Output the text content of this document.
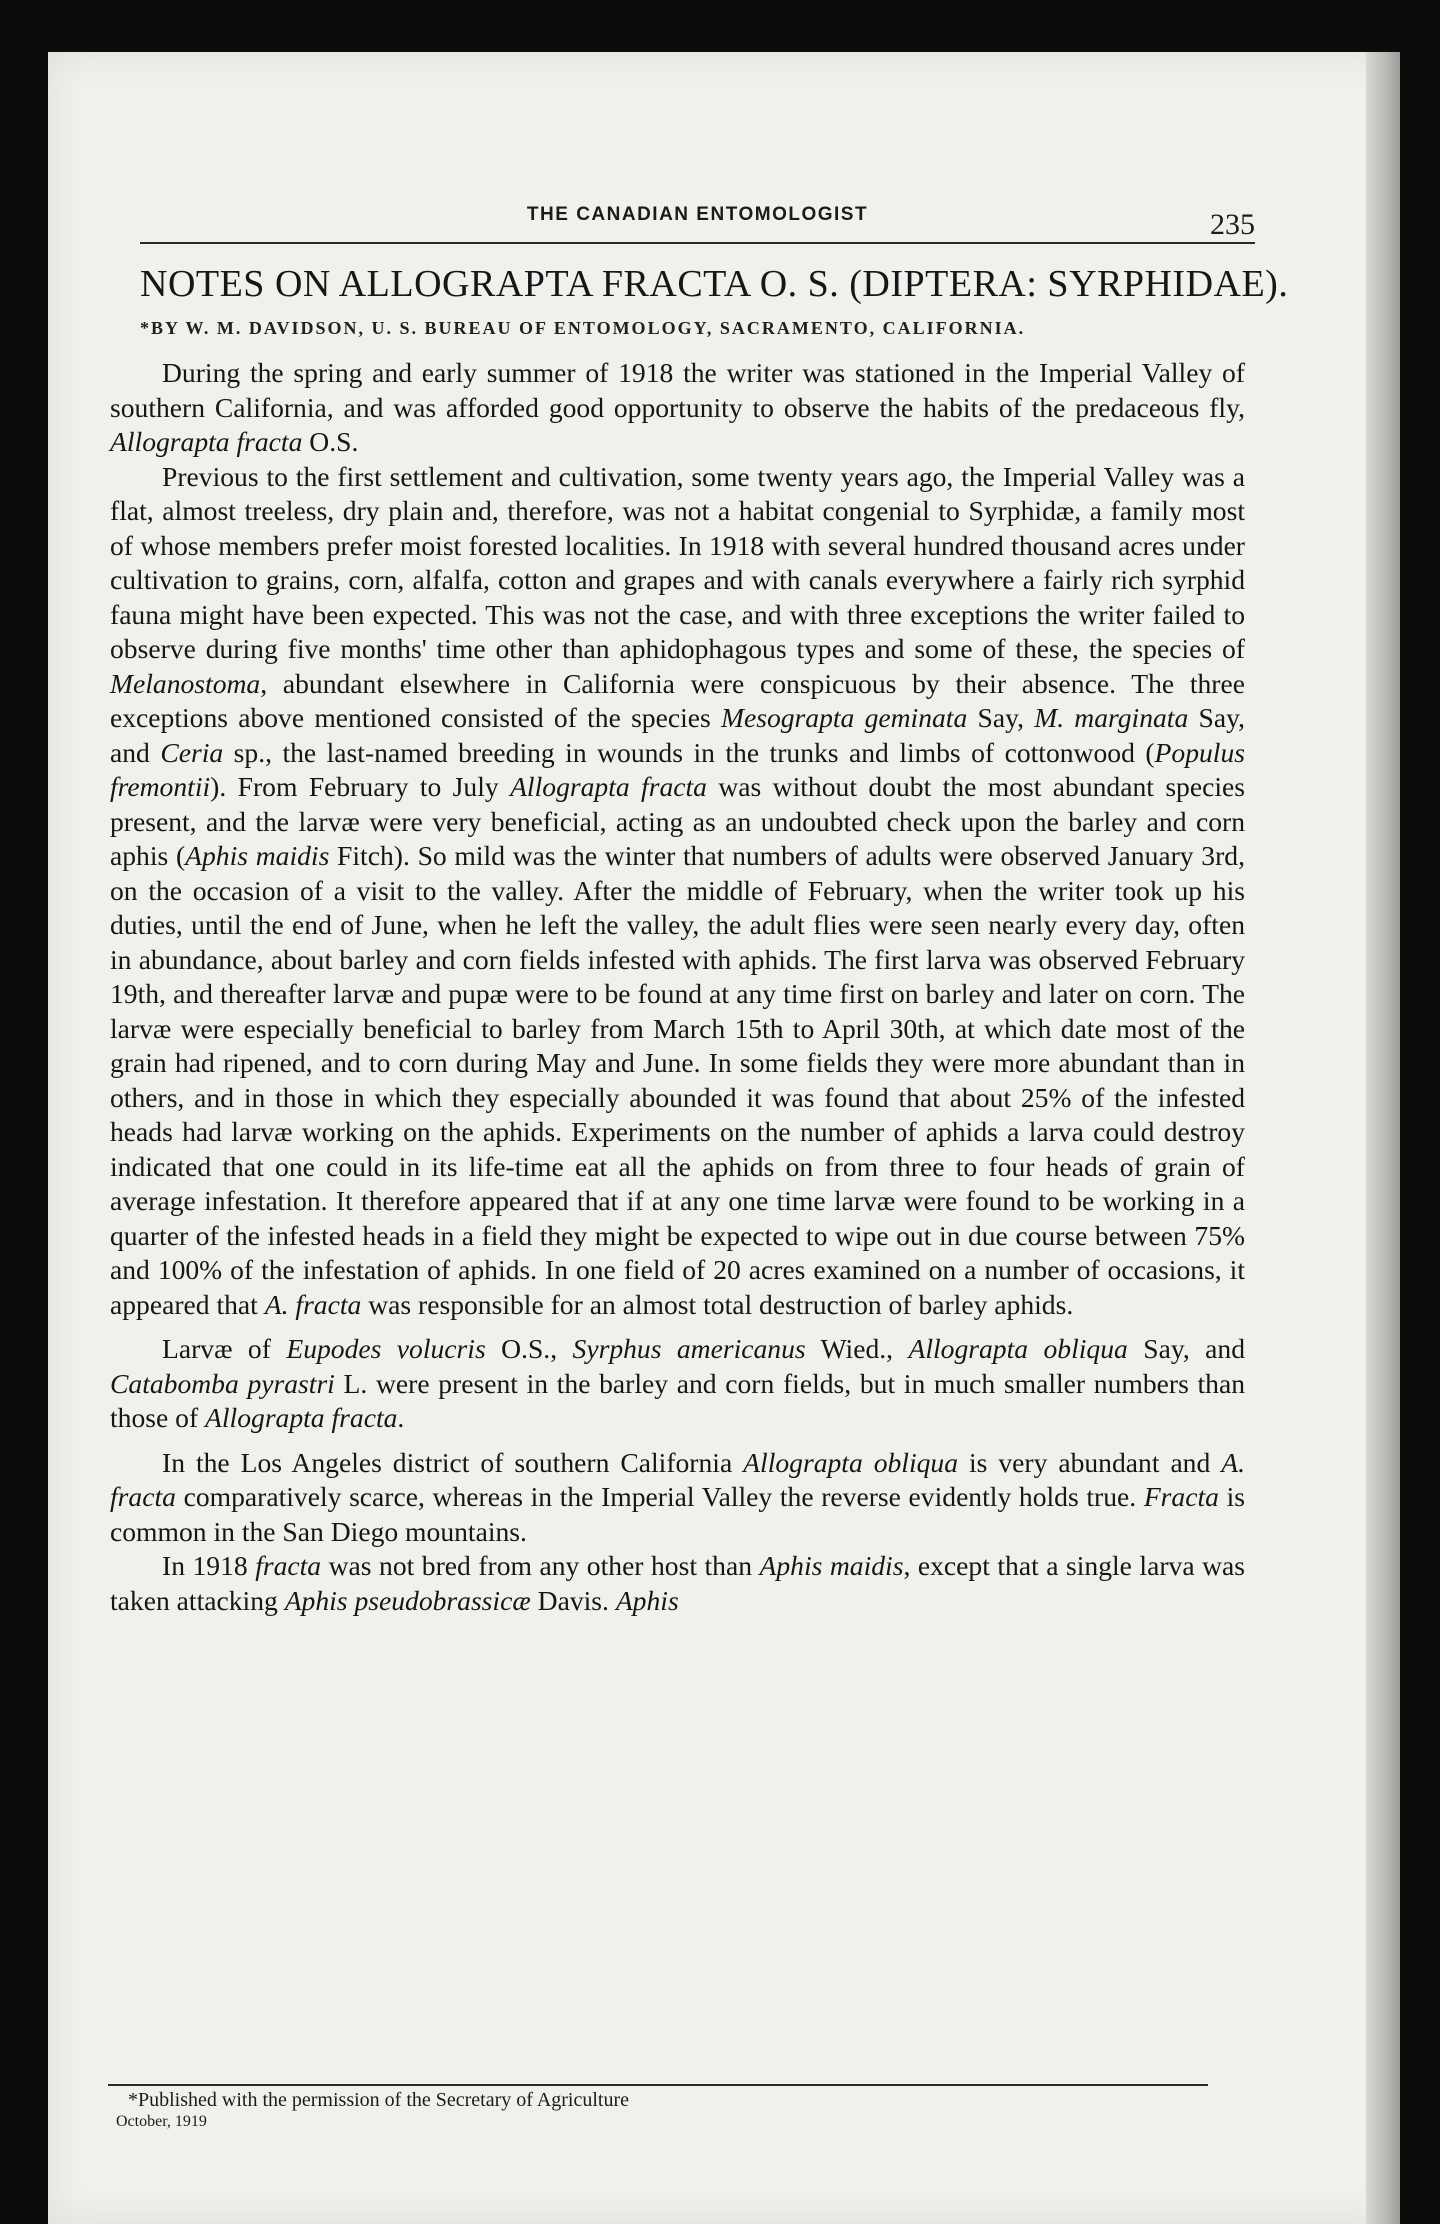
THE CANADIAN ENTOMOLOGIST	235
NOTES ON ALLOGRAPTA FRACTA O. S. (DIPTERA: SYRPHIDAE).
*BY W. M. DAVIDSON, U. S. BUREAU OF ENTOMOLOGY, SACRAMENTO, CALIFORNIA.

During the spring and early summer of 1918 the writer was stationed in the Imperial Valley of southern California, and was afforded good opportunity to observe the habits of the predaceous fly, Allograpta fracta O.S.

Previous to the first settlement and cultivation, some twenty years ago, the Imperial Valley was a flat, almost treeless, dry plain and, therefore, was not a habitat congenial to Syrphidæ, a family most of whose members prefer moist forested localities. In 1918 with several hundred thousand acres under cultivation to grains, corn, alfalfa, cotton and grapes and with canals everywhere a fairly rich syrphid fauna might have been expected. This was not the case, and with three exceptions the writer failed to observe during five months' time other than aphidophagous types and some of these, the species of Melanostoma, abundant elsewhere in California were conspicuous by their absence. The three exceptions above mentioned consisted of the species Mesograpta geminata Say, M. marginata Say, and Ceria sp., the last-named breeding in wounds in the trunks and limbs of cottonwood (Populus fremontii). From February to July Allograpta fracta was without doubt the most abundant species present, and the larvæ were very beneficial, acting as an undoubted check upon the barley and corn aphis (Aphis maidis Fitch). So mild was the winter that numbers of adults were observed January 3rd, on the occasion of a visit to the valley. After the middle of February, when the writer took up his duties, until the end of June, when he left the valley, the adult flies were seen nearly every day, often in abundance, about barley and corn fields infested with aphids. The first larva was observed February 19th, and thereafter larvæ and pupæ were to be found at any time first on barley and later on corn. The larvæ were especially beneficial to barley from March 15th to April 30th, at which date most of the grain had ripened, and to corn during May and June. In some fields they were more abundant than in others, and in those in which they especially abounded it was found that about 25% of the infested heads had larvæ working on the aphids. Experiments on the number of aphids a larva could destroy indicated that one could in its life-time eat all the aphids on from three to four heads of grain of average infestation. It therefore appeared that if at any one time larvæ were found to be working in a quarter of the infested heads in a field they might be expected to wipe out in due course between 75% and 100% of the infestation of aphids. In one field of 20 acres examined on a number of occasions, it appeared that A. fracta was responsible for an almost total destruction of barley aphids.

Larvæ of Eupodes volucris O.S., Syrphus americanus Wied., Allograpta obliqua Say, and Catabomba pyrastri L. were present in the barley and corn fields, but in much smaller numbers than those of Allograpta fracta.

In the Los Angeles district of southern California Allograpta obliqua is very abundant and A. fracta comparatively scarce, whereas in the Imperial Valley the reverse evidently holds true. Fracta is common in the San Diego mountains.

In 1918 fracta was not bred from any other host than Aphis maidis, except that a single larva was taken attacking Aphis pseudobrassicæ Davis. Aphis

*Published with the permission of the Secretary of Agriculture
October, 1919
